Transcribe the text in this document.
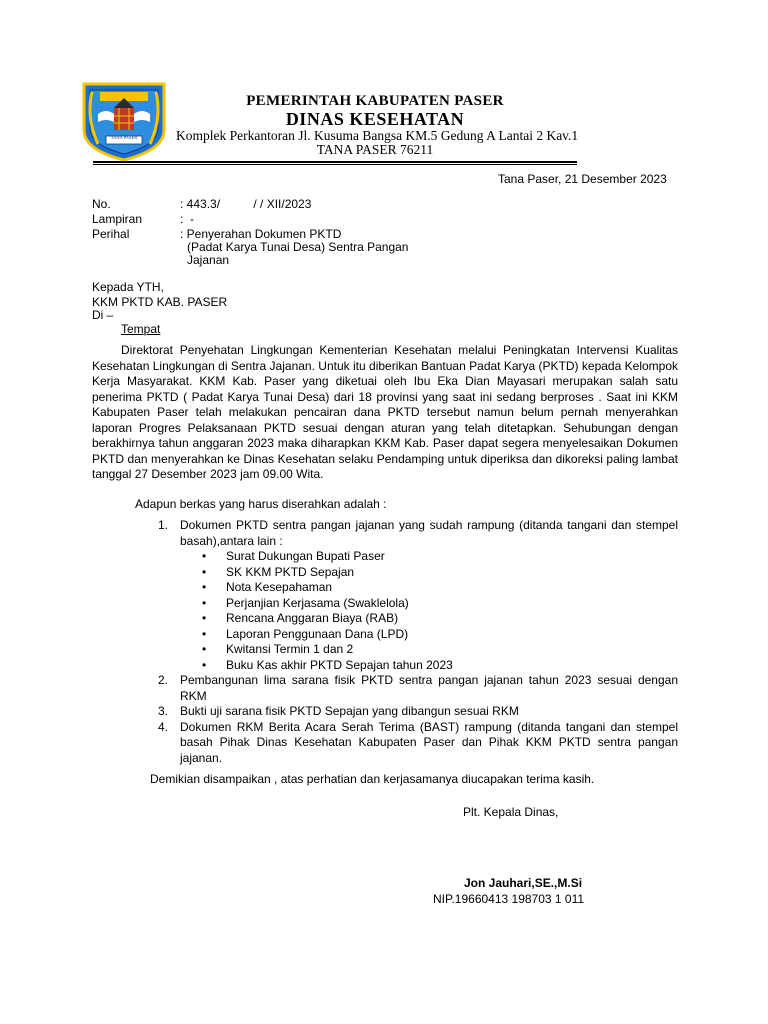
TANA PASER
PEMERINTAH KABUPATEN PASER
DINAS KESEHATAN
Komplek Perkantoran Jl. Kusuma Bangsa KM.5 Gedung A Lantai 2 Kav.1
TANA PASER 76211
Tana Paser, 21 Desember 2023
No.	: 443.3/          / / XII/2023
Lampiran	:  -
Perihal	: Penyerahan Dokumen PKTD
(Padat Karya Tunai Desa) Sentra Pangan
Jajanan
Kepada YTH,
KKM PKTD KAB. PASER
Di –
Tempat
Direktorat Penyehatan Lingkungan Kementerian Kesehatan melalui Peningkatan Intervensi Kualitas Kesehatan Lingkungan di Sentra Jajanan. Untuk itu diberikan Bantuan Padat Karya (PKTD) kepada Kelompok Kerja Masyarakat. KKM Kab. Paser yang diketuai oleh Ibu Eka Dian Mayasari merupakan salah satu penerima PKTD ( Padat Karya Tunai Desa) dari 18 provinsi yang saat ini sedang berproses . Saat ini KKM Kabupaten Paser telah melakukan pencairan dana PKTD tersebut namun belum pernah menyerahkan laporan Progres Pelaksanaan PKTD sesuai dengan aturan yang telah ditetapkan. Sehubungan dengan berakhirnya tahun anggaran 2023 maka diharapkan KKM Kab. Paser dapat segera menyelesaikan Dokumen PKTD dan menyerahkan ke Dinas Kesehatan selaku Pendamping untuk diperiksa dan dikoreksi paling lambat tanggal 27 Desember 2023 jam 09.00 Wita.
Adapun berkas yang harus diserahkan adalah :
1. Dokumen PKTD sentra pangan jajanan yang sudah rampung (ditanda tangani dan stempel basah),antara lain :
• Surat Dukungan Bupati Paser
• SK KKM PKTD Sepajan
• Nota Kesepahaman
• Perjanjian Kerjasama (Swaklelola)
• Rencana Anggaran Biaya (RAB)
• Laporan Penggunaan Dana (LPD)
• Kwitansi Termin 1 dan 2
• Buku Kas akhir PKTD Sepajan tahun 2023
2. Pembangunan lima sarana fisik PKTD sentra pangan jajanan tahun 2023 sesuai dengan RKM
3. Bukti uji sarana fisik PKTD Sepajan yang dibangun sesuai RKM
4. Dokumen RKM Berita Acara Serah Terima (BAST) rampung (ditanda tangani dan stempel basah Pihak Dinas Kesehatan Kabupaten Paser dan Pihak KKM PKTD sentra pangan jajanan.
Demikian disampaikan , atas perhatian dan kerjasamanya diucapakan terima kasih.
Plt. Kepala Dinas,
Jon Jauhari,SE.,M.Si
NIP.19660413 198703 1 011
